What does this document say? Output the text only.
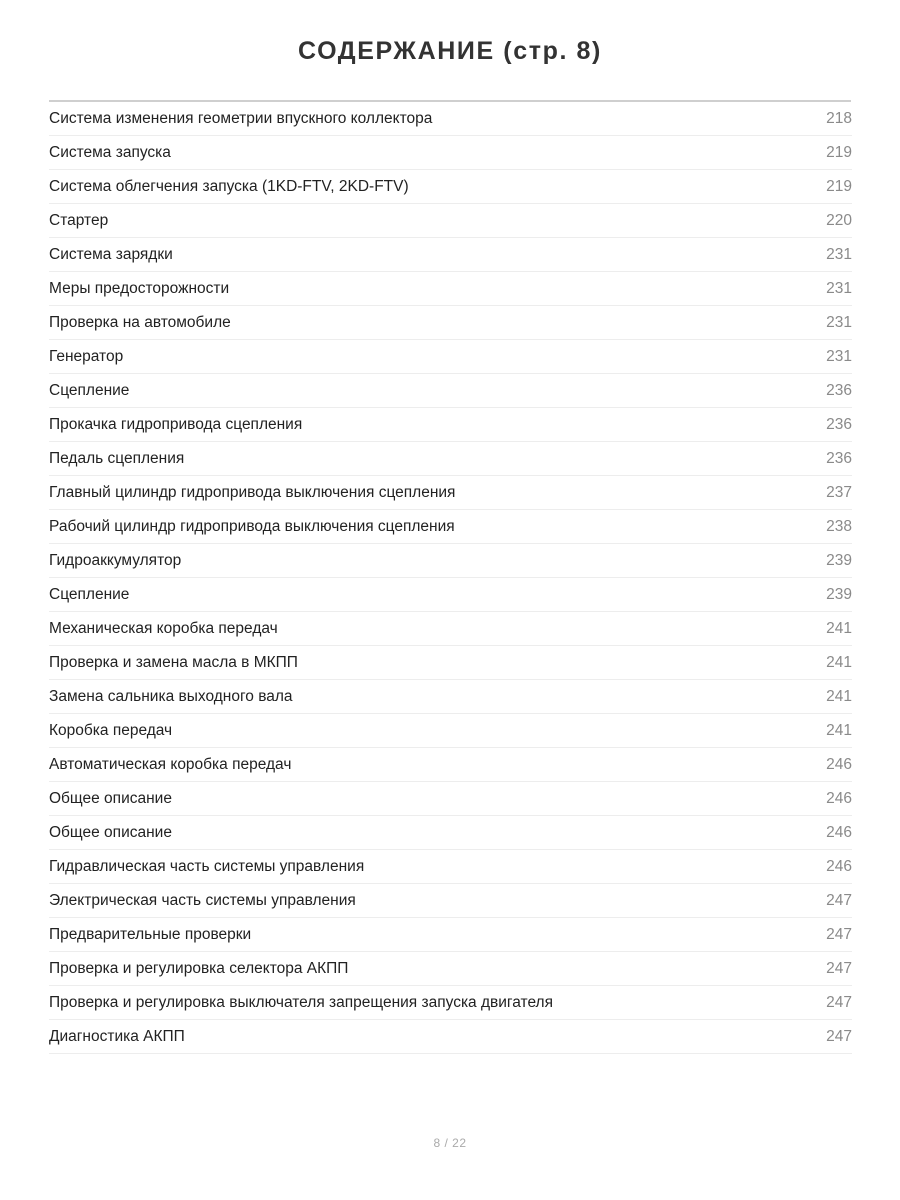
СОДЕРЖАНИЕ (стр. 8)
Система изменения геометрии впускного коллектора	218
Система запуска	219
Система облегчения запуска (1KD-FTV, 2KD-FTV)	219
Стартер	220
Система зарядки	231
Меры предосторожности	231
Проверка на автомобиле	231
Генератор	231
Сцепление	236
Прокачка гидропривода сцепления	236
Педаль сцепления	236
Главный цилиндр гидропривода выключения сцепления	237
Рабочий цилиндр гидропривода выключения сцепления	238
Гидроаккумулятор	239
Сцепление	239
Механическая коробка передач	241
Проверка и замена масла в МКПП	241
Замена сальника выходного вала	241
Коробка передач	241
Автоматическая коробка передач	246
Общее описание	246
Общее описание	246
Гидравлическая часть системы управления	246
Электрическая часть системы управления	247
Предварительные проверки	247
Проверка и регулировка селектора АКПП	247
Проверка и регулировка выключателя запрещения запуска двигателя	247
Диагностика АКПП	247
8 / 22
